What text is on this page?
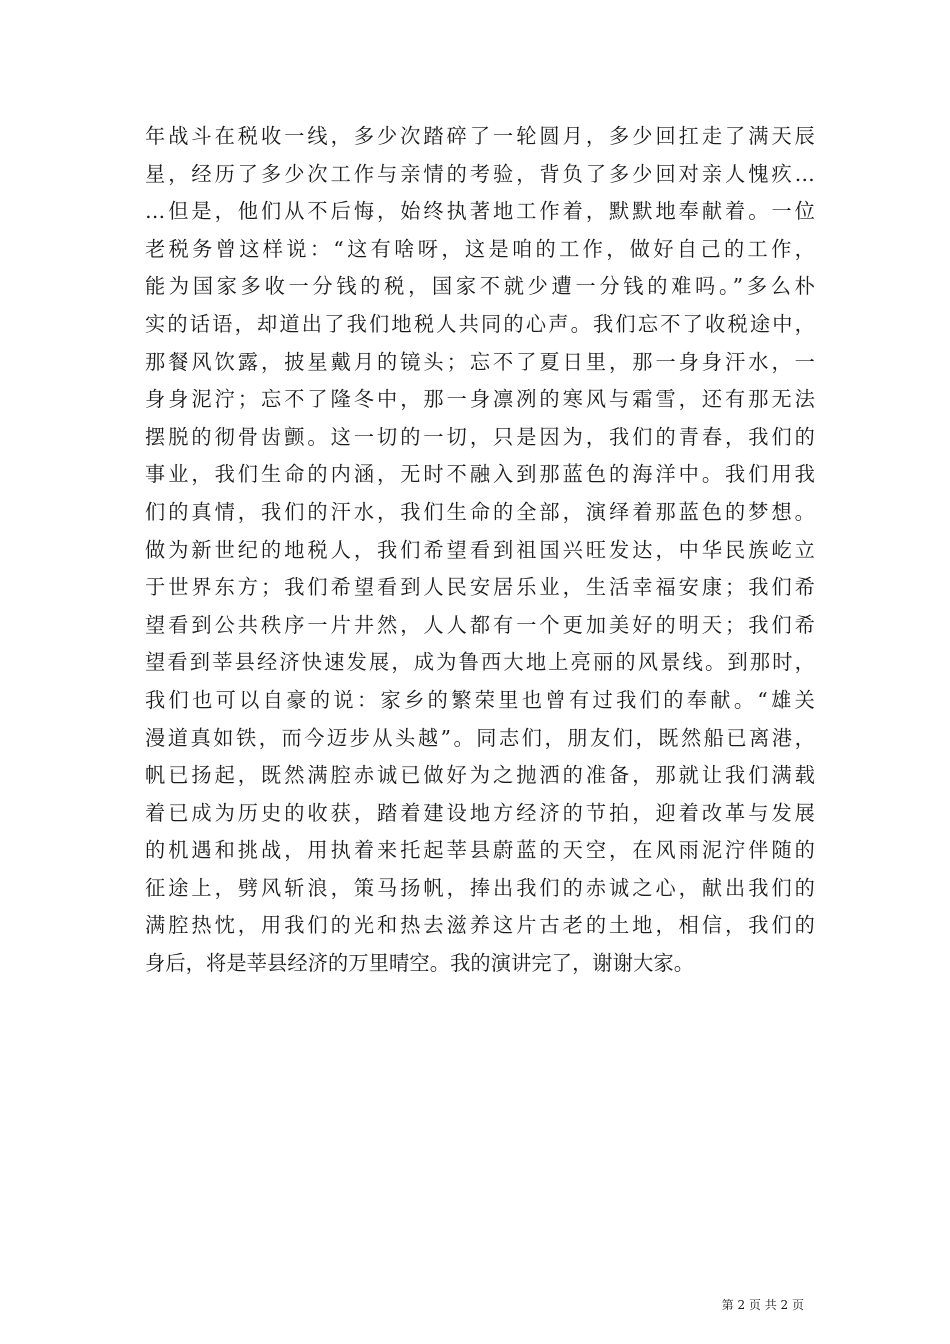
年战斗在税收一线，多少次踏碎了一轮圆月，多少回扛走了满天辰
星，经历了多少次工作与亲情的考验，背负了多少回对亲人愧疚…
…但是，他们从不后悔，始终执著地工作着，默默地奉献着。一位
老税务曾这样说：“这有啥呀，这是咱的工作，做好自己的工作，
能为国家多收一分钱的税，国家不就少遭一分钱的难吗。”多么朴
实的话语，却道出了我们地税人共同的心声。我们忘不了收税途中，
那餐风饮露，披星戴月的镜头；忘不了夏日里，那一身身汗水，一
身身泥泞；忘不了隆冬中，那一身凛冽的寒风与霜雪，还有那无法
摆脱的彻骨齿颤。这一切的一切，只是因为，我们的青春，我们的
事业，我们生命的内涵，无时不融入到那蓝色的海洋中。我们用我
们的真情，我们的汗水，我们生命的全部，演绎着那蓝色的梦想。
做为新世纪的地税人，我们希望看到祖国兴旺发达，中华民族屹立
于世界东方；我们希望看到人民安居乐业，生活幸福安康；我们希
望看到公共秩序一片井然，人人都有一个更加美好的明天；我们希
望看到莘县经济快速发展，成为鲁西大地上亮丽的风景线。到那时，
我们也可以自豪的说：家乡的繁荣里也曾有过我们的奉献。“雄关
漫道真如铁，而今迈步从头越”。同志们，朋友们，既然船已离港，
帆已扬起，既然满腔赤诚已做好为之抛洒的准备，那就让我们满载
着已成为历史的收获，踏着建设地方经济的节拍，迎着改革与发展
的机遇和挑战，用执着来托起莘县蔚蓝的天空，在风雨泥泞伴随的
征途上，劈风斩浪，策马扬帆，捧出我们的赤诚之心，献出我们的
满腔热忱，用我们的光和热去滋养这片古老的土地，相信，我们的
身后，将是莘县经济的万里晴空。我的演讲完了，谢谢大家。
第 2 页 共 2 页
